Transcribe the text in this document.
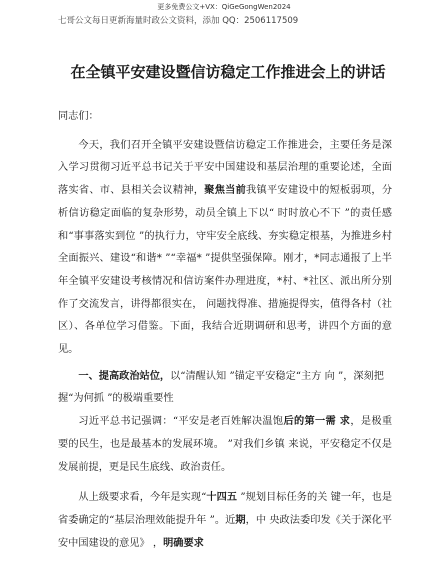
更多免费公文+VX：QiGeGongWen2024
七哥公文每日更新海量时政公文资料，添加 QQ：2506117509
在全镇平安建设暨信访稳定工作推进会上的讲话

同志们：

今天，我们召开全镇平安建设暨信访稳定工作推进会，主要任务是深入学习贯彻习近平总书记关于平安中国建设和基层治理的重要论述，全面落实省、市、县相关会议精神，聚焦当前我镇平安建设中的短板弱项，分析信访稳定面临的复杂形势，动员全镇上下以“ 时时放心不下 ”的责任感和“事事落实到位 ”的执行力，守牢安全底线、夯实稳定根基，为推进乡村全面振兴、建设“和谐* ”“幸福* ”提供坚强保障。刚才，*同志通报了上半年全镇平安建设考核情况和信访案件办理进度，*村、*社区、派出所分别作了交流发言，讲得都很实在， 问题找得准、措施提得实，值得各村（社区）、各单位学习借鉴。下面，我结合近期调研和思考，讲四个方面的意见。

一、提高政治站位，以“清醒认知 ”锚定平安稳定“主方 向 ”，深刻把握“为何抓 ”的极端重要性

习近平总书记强调：“平安是老百姓解决温饱后的第一需 求，是极重要的民生，也是最基本的发展环境。 ”对我们乡镇 来说，平安稳定不仅是发展前提，更是民生底线、政治责任。

从上级要求看，今年是实现“十四五 ”规划目标任务的关 键一年，也是省委确定的“基层治理效能提升年 ”。近期，中 央政法委印发《关于深化平安中国建设的意见》 ，明确要求
